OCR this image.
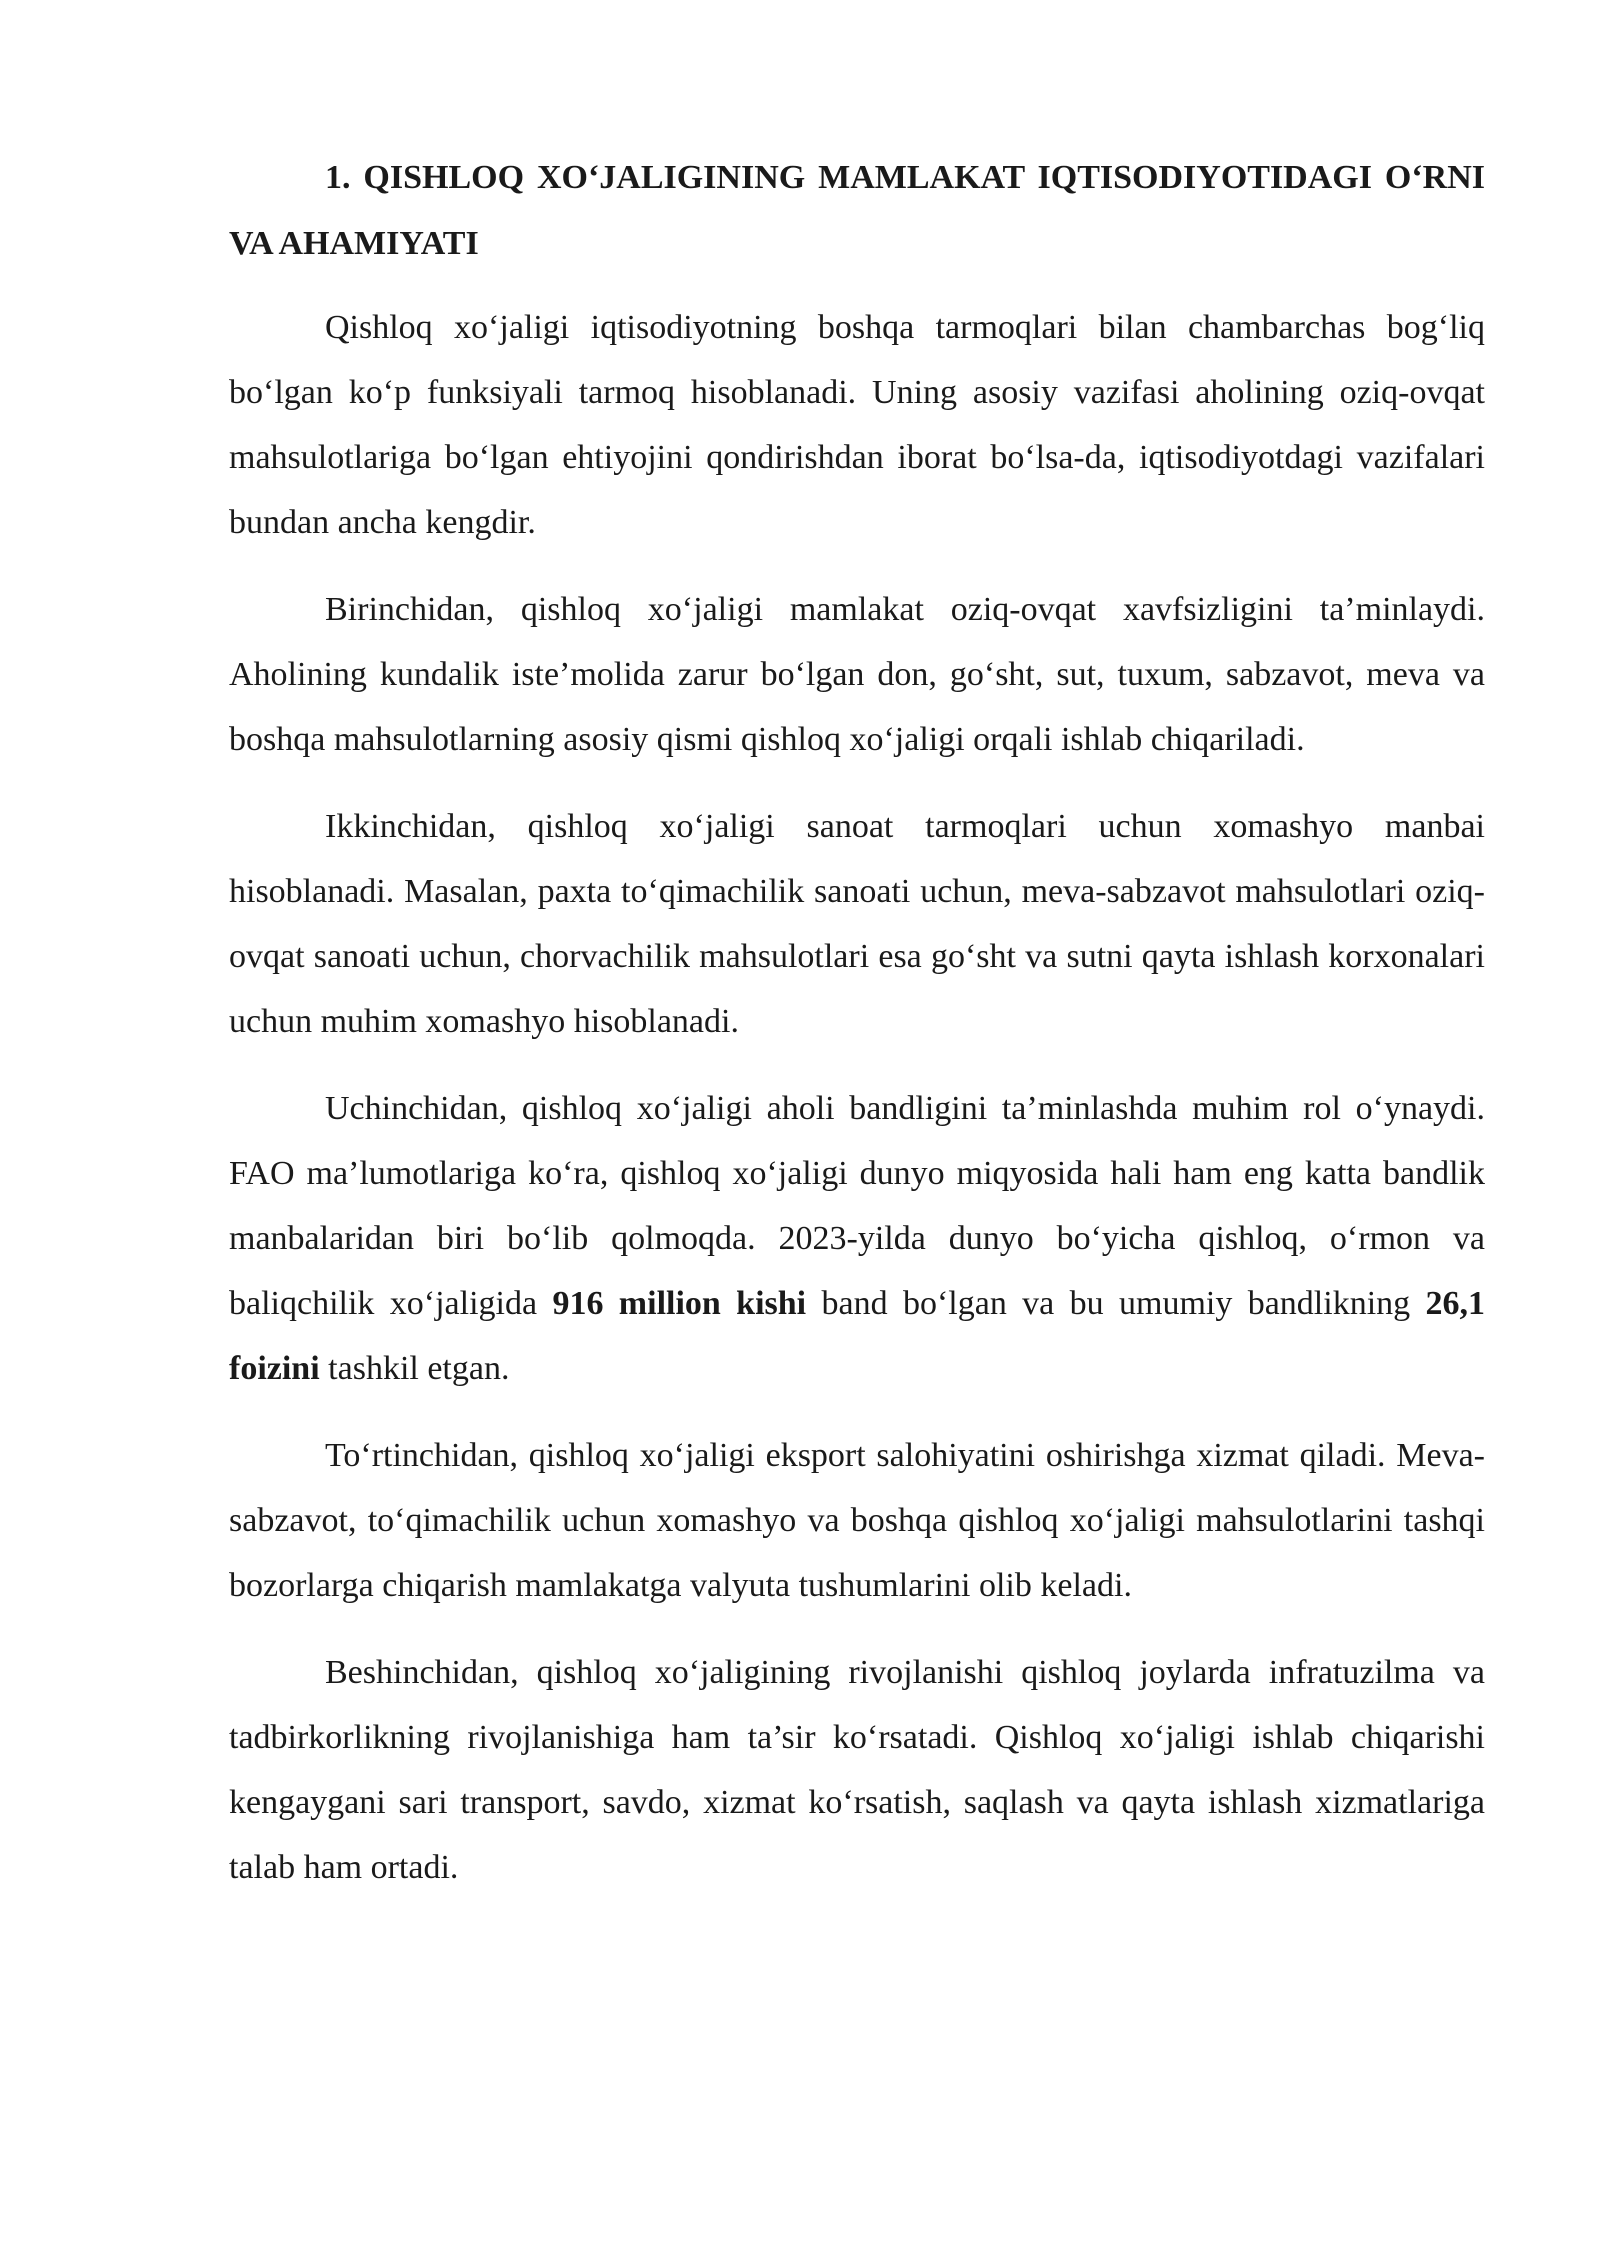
1. QISHLOQ XO‘JALIGINING MAMLAKAT IQTISODIYOTIDAGI O‘RNI VA AHAMIYATI

Qishloq xo‘jaligi iqtisodiyotning boshqa tarmoqlari bilan chambarchas bog‘liq bo‘lgan ko‘p funksiyali tarmoq hisoblanadi. Uning asosiy vazifasi aholining oziq-ovqat mahsulotlariga bo‘lgan ehtiyojini qondirishdan iborat bo‘lsa-da, iqtisodiyotdagi vazifalari bundan ancha kengdir.

Birinchidan, qishloq xo‘jaligi mamlakat oziq-ovqat xavfsizligini ta’minlaydi. Aholining kundalik iste’molida zarur bo‘lgan don, go‘sht, sut, tuxum, sabzavot, meva va boshqa mahsulotlarning asosiy qismi qishloq xo‘jaligi orqali ishlab chiqariladi.

Ikkinchidan, qishloq xo‘jaligi sanoat tarmoqlari uchun xomashyo manbai hisoblanadi. Masalan, paxta to‘qimachilik sanoati uchun, meva-sabzavot mahsulotlari oziq-ovqat sanoati uchun, chorvachilik mahsulotlari esa go‘sht va sutni qayta ishlash korxonalari uchun muhim xomashyo hisoblanadi.

Uchinchidan, qishloq xo‘jaligi aholi bandligini ta’minlashda muhim rol o‘ynaydi. FAO ma’lumotlariga ko‘ra, qishloq xo‘jaligi dunyo miqyosida hali ham eng katta bandlik manbalaridan biri bo‘lib qolmoqda. 2023-yilda dunyo bo‘yicha qishloq, o‘rmon va baliqchilik xo‘jaligida 916 million kishi band bo‘lgan va bu umumiy bandlikning 26,1 foizini tashkil etgan.

To‘rtinchidan, qishloq xo‘jaligi eksport salohiyatini oshirishga xizmat qiladi. Meva-sabzavot, to‘qimachilik uchun xomashyo va boshqa qishloq xo‘jaligi mahsulotlarini tashqi bozorlarga chiqarish mamlakatga valyuta tushumlarini olib keladi.

Beshinchidan, qishloq xo‘jaligining rivojlanishi qishloq joylarda infratuzilma va tadbirkorlikning rivojlanishiga ham ta’sir ko‘rsatadi. Qishloq xo‘jaligi ishlab chiqarishi kengaygani sari transport, savdo, xizmat ko‘rsatish, saqlash va qayta ishlash xizmatlariga talab ham ortadi.
